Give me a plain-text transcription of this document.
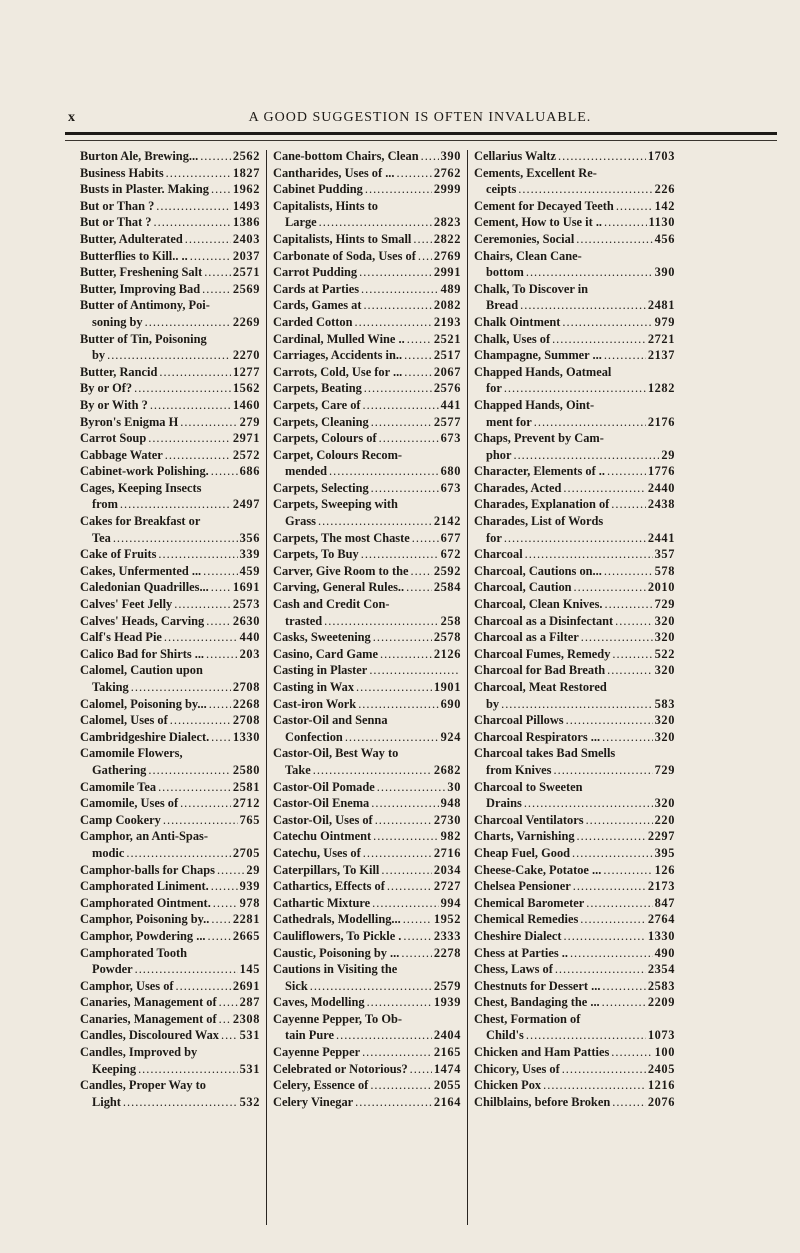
x	A GOOD SUGGESTION IS OFTEN INVALUABLE.
Burton Ale, Brewing... .....	2562
Business Habits .....	1827
Busts in Plaster. Making ..... 1962
But or Than ? .....	1493
But or That ? .....	1386
Butter, Adulterated .....	2403
Butterflies to Kill.. .. .....	2037
Butter, Freshening Salt ..... 2571
Butter, Improving Bad .....	2569
Butter of Antimony, Poi-
soning by .....	2269
Butter of Tin, Poisoning
by .....	2270
Butter, Rancid .....	1277
By or Of? .....	1562
By or With ? .....	1460
Byron's Enigma H .....	279
Carrot Soup .....	2971
Cabbage Water .....	2572
Cabinet-work Polishing. ..... 686
Cages, Keeping Insects
from .....	2497
Cakes for Breakfast or
Tea .....	356
Cake of Fruits .....	339
Cakes, Unfermented ... .....	459
Caledonian Quadrilles... ..... 1691
Calves' Feet Jelly .....	2573
Calves' Heads, Carving ..... 2630
Calf's Head Pie .....	440
Calico Bad for Shirts ... .....	203
Calomel, Caution upon
Taking .....	2708
Calomel, Poisoning by... ..... 2268
Calomel, Uses of .....	2708
Cambridgeshire Dialect. ..... 1330
Camomile Flowers,
Gathering .....	2580
Camomile Tea .....	2581
Camomile, Uses of .....	2712
Camp Cookery .....	765
Camphor, an Anti-Spas-
modic .....	2705
Camphor-balls for Chaps .....	29
Camphorated Liniment. ..... 939
Camphorated Ointment. ..... 978
Camphor, Poisoning by.. ..... 2281
Camphor, Powdering ... ..... 2665
Camphorated Tooth
Powder .....	145
Camphor, Uses of .....	2691
Canaries, Management of ..... 287
Canaries, Management of ..... 2308
Candles, Discoloured Wax ..... 531
Candles, Improved by
Keeping .....	531
Candles, Proper Way to
Light .....	532
Cane-bottom Chairs, Clean ..... 390
Cantharides, Uses of ... .....	2762
Cabinet Pudding .....	2999
Capitalists, Hints to
Large .....	2823
Capitalists, Hints to Small ..... 2822
Carbonate of Soda, Uses of ..... 2769
Carrot Pudding .....	2991
Cards at Parties .....	489
Cards, Games at .....	2082
Carded Cotton .....	2193
Cardinal, Mulled Wine .. ..... 2521
Carriages, Accidents in.. .....	2517
Carrots, Cold, Use for ... .....	2067
Carpets, Beating .....	2576
Carpets, Care of .....	441
Carpets, Cleaning .....	2577
Carpets, Colours of .....	673
Carpet, Colours Recom-
mended .....	680
Carpets, Selecting .....	673
Carpets, Sweeping with
Grass .....	2142
Carpets, The most Chaste ..... 677
Carpets, To Buy .....	672
Carver, Give Room to the ..... 2592
Carving, General Rules.. ..... 2584
Cash and Credit Con-
trasted .....	258
Casks, Sweetening .....	2578
Casino, Card Game .....	2126
Casting in Plaster
.....
Casting in Wax .....	1901
Cast-iron Work .....	690
Castor-Oil and Senna
Confection .....	924
Castor-Oil, Best Way to
Take .....	2682
Castor-Oil Pomade .....	30
Castor-Oil Enema .....	948
Castor-Oil, Uses of .....	2730
Catechu Ointment .....	982
Catechu, Uses of .....	2716
Caterpillars, To Kill .....	2034
Cathartics, Effects of .....	2727
Cathartic Mixture .....	994
Cathedrals, Modelling... .....	1952
Cauliflowers, To Pickle . .....	2333
Caustic, Poisoning by ... .....	2278
Cautions in Visiting the
Sick .....	2579
Caves, Modelling .....	1939
Cayenne Pepper, To Ob-
tain Pure .....	2404
Cayenne Pepper .....	2165
Celebrated or Notorious? ..... 1474
Celery, Essence of .....	2055
Celery Vinegar .....	2164
Cellarius Waltz .....	1703
Cements, Excellent Re-
ceipts .....	226
Cement for Decayed Teeth .....	142
Cement, How to Use it .. .....	1130
Ceremonies, Social .....	456
Chairs, Clean Cane-
bottom .....	390
Chalk, To Discover in
Bread .....	2481
Chalk Ointment .....	979
Chalk, Uses of .....	2721
Champagne, Summer ... .....	2137
Chapped Hands, Oatmeal
for .....	1282
Chapped Hands, Oint-
ment for .....	2176
Chaps, Prevent by Cam-
phor .....	29
Character, Elements of .. .....	1776
Charades, Acted .....	2440
Charades, Explanation of .....	2438
Charades, List of Words
for .....	2441
Charcoal .....	357
Charcoal, Cautions on... .....	578
Charcoal, Caution .....	2010
Charcoal, Clean Knives. .....	729
Charcoal as a Disinfectant .....	320
Charcoal as a Filter .....	320
Charcoal Fumes, Remedy .....	522
Charcoal for Bad Breath .....	320
Charcoal, Meat Restored
by .....	583
Charcoal Pillows .....	320
Charcoal Respirators ... .....	320
Charcoal takes Bad Smells
from Knives .....	729
Charcoal to Sweeten
Drains .....	320
Charcoal Ventilators .....	220
Charts, Varnishing .....	2297
Cheap Fuel, Good .....	395
Cheese-Cake, Potatoe ... .....	126
Chelsea Pensioner .....	2173
Chemical Barometer .....	847
Chemical Remedies .....	2764
Cheshire Dialect .....	1330
Chess at Parties .. .....	490
Chess, Laws of .....	2354
Chestnuts for Dessert ... .....	2583
Chest, Bandaging the ... .....	2209
Chest, Formation of
Child's .....	1073
Chicken and Ham Patties .....	100
Chicory, Uses of .....	2405
Chicken Pox .....	1216
Chilblains, before Broken .....	2076
